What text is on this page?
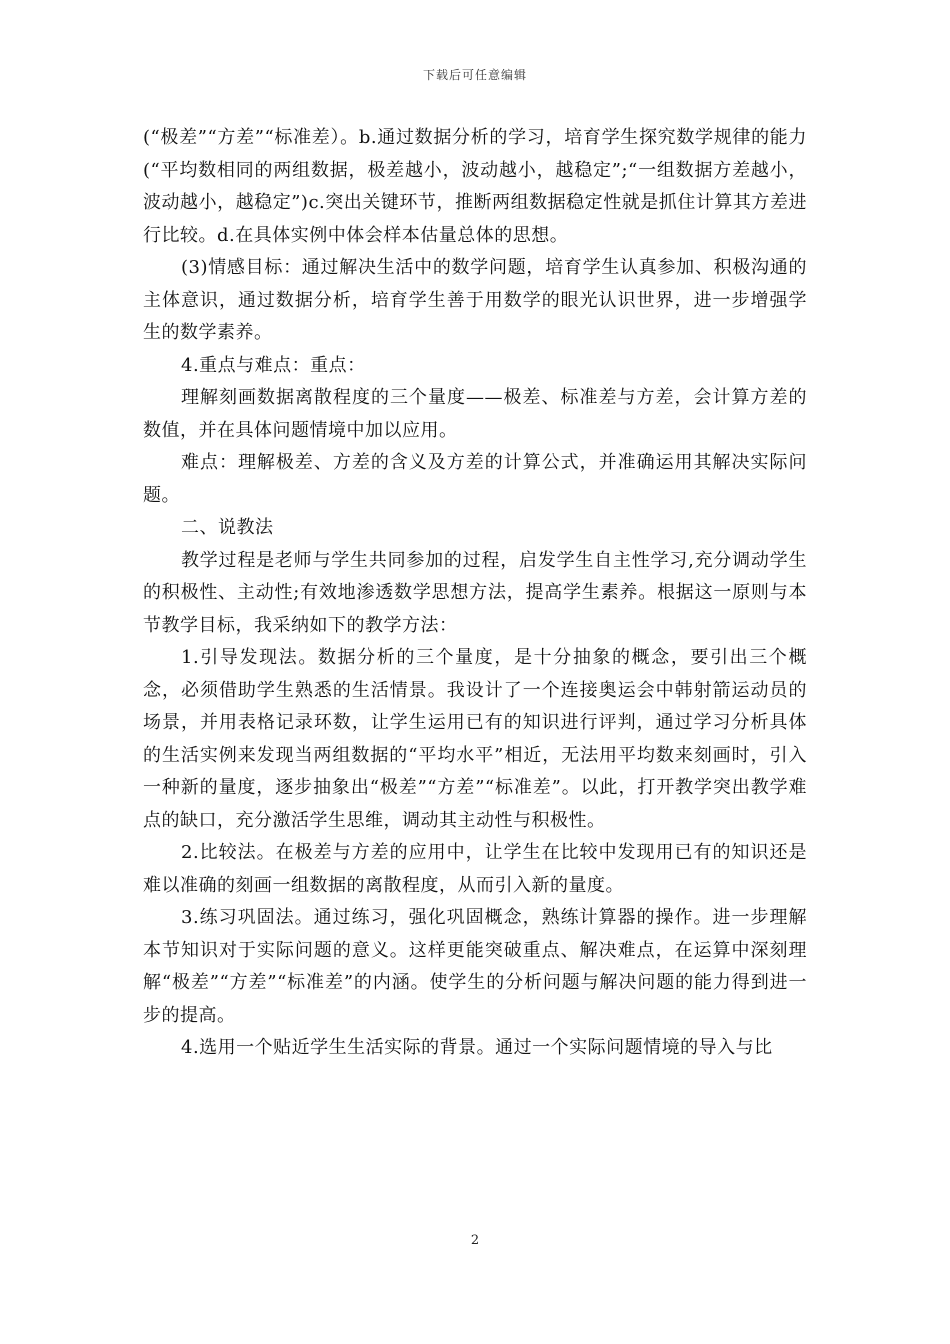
下载后可任意编辑

(“极差”“方差”“标准差）。b.通过数据分析的学习，培育学生探究数学规律的能力(“平均数相同的两组数据，极差越小，波动越小，越稳定”;“一组数据方差越小，波动越小，越稳定”)c.突出关键环节，推断两组数据稳定性就是抓住计算其方差进行比较。d.在具体实例中体会样本估量总体的思想。

(3)情感目标：通过解决生活中的数学问题，培育学生认真参加、积极沟通的主体意识，通过数据分析，培育学生善于用数学的眼光认识世界，进一步增强学生的数学素养。

4.重点与难点：重点：

理解刻画数据离散程度的三个量度——极差、标准差与方差，会计算方差的数值，并在具体问题情境中加以应用。

难点：理解极差、方差的含义及方差的计算公式，并准确运用其解决实际问题。

二、说教法

教学过程是老师与学生共同参加的过程，启发学生自主性学习,充分调动学生的积极性、主动性;有效地渗透数学思想方法，提高学生素养。根据这一原则与本节教学目标，我采纳如下的教学方法：

1.引导发现法。数据分析的三个量度，是十分抽象的概念，要引出三个概念，必须借助学生熟悉的生活情景。我设计了一个连接奥运会中韩射箭运动员的场景，并用表格记录环数，让学生运用已有的知识进行评判，通过学习分析具体的生活实例来发现当两组数据的“平均水平”相近，无法用平均数来刻画时，引入一种新的量度，逐步抽象出“极差”“方差”“标准差”。以此，打开教学突出教学难点的缺口，充分激活学生思维，调动其主动性与积极性。

2.比较法。在极差与方差的应用中，让学生在比较中发现用已有的知识还是难以准确的刻画一组数据的离散程度，从而引入新的量度。

3.练习巩固法。通过练习，强化巩固概念，熟练计算器的操作。进一步理解本节知识对于实际问题的意义。这样更能突破重点、解决难点，在运算中深刻理解“极差”“方差”“标准差”的内涵。使学生的分析问题与解决问题的能力得到进一步的提高。

4.选用一个贴近学生生活实际的背景。通过一个实际问题情境的导入与比

2
